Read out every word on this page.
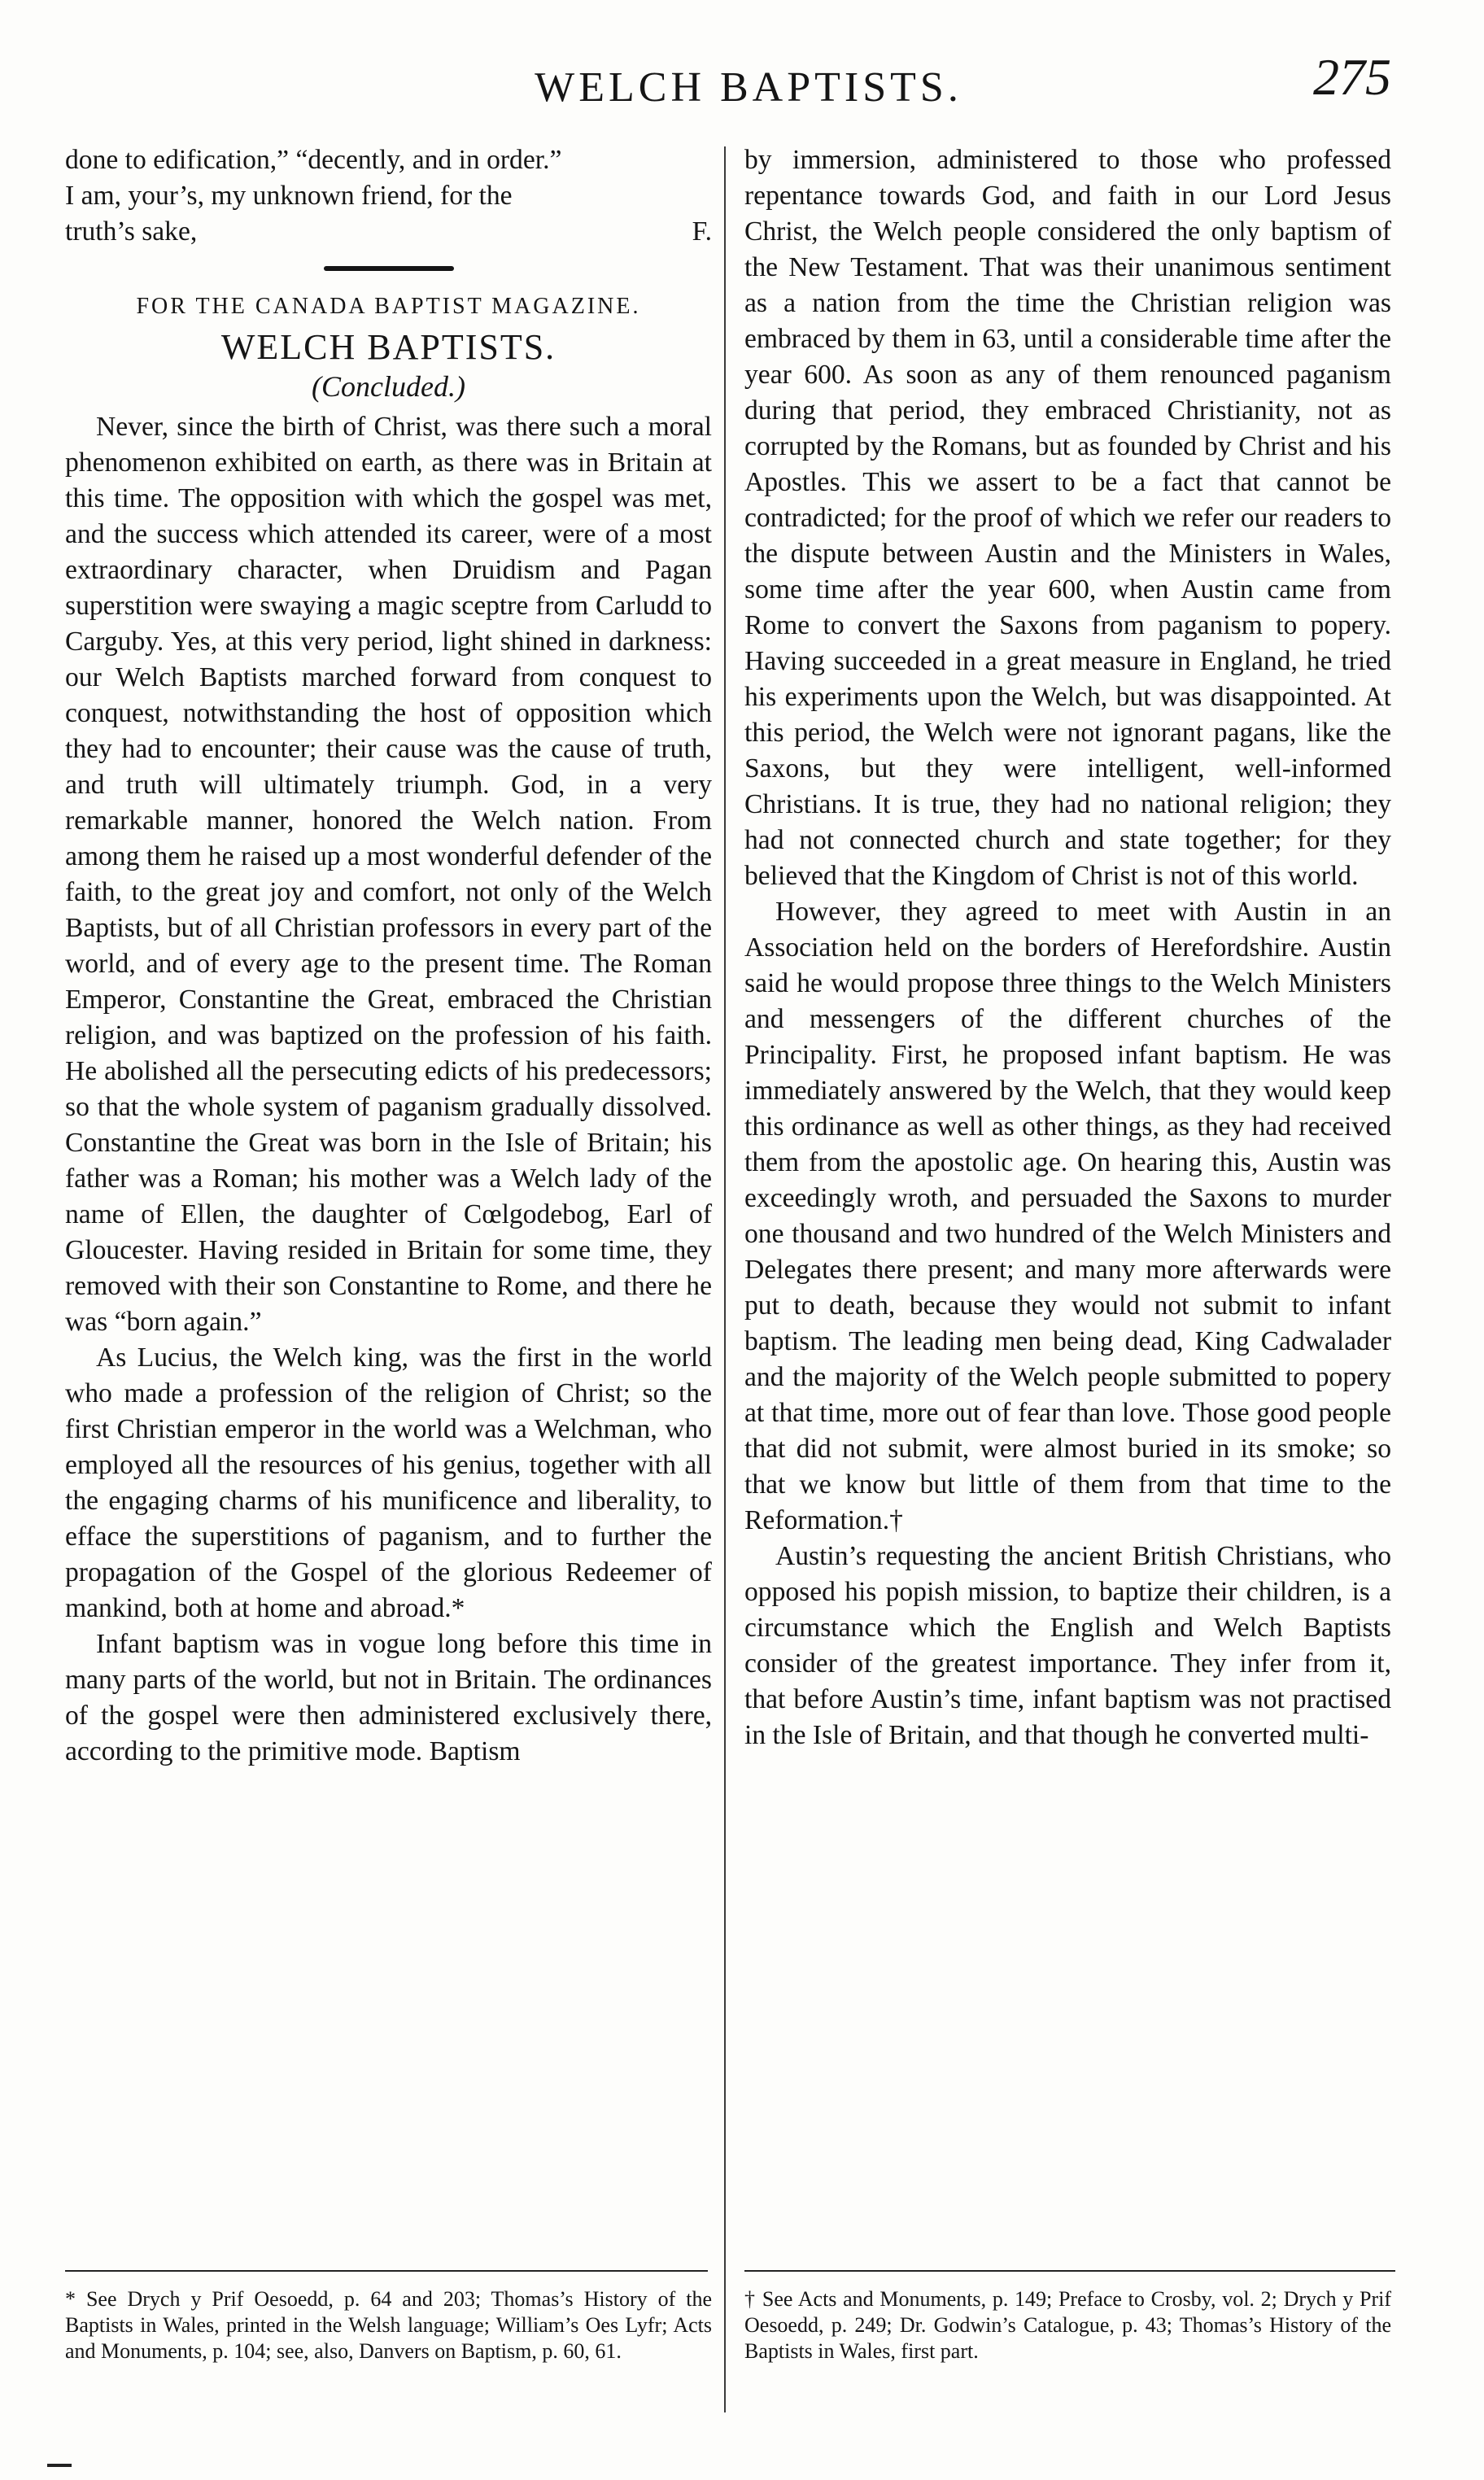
WELCH BAPTISTS.	275

done to edification,” “decently, and in order.”

I am, your’s, my unknown friend, for the

truth’s sake,	F.

FOR THE CANADA BAPTIST MAGAZINE.
WELCH BAPTISTS.
(Concluded.)

Never, since the birth of Christ, was there such a moral phenomenon exhibited on earth, as there was in Britain at this time. The opposition with which the gospel was met, and the success which attended its career, were of a most extraordinary character, when Druidism and Pagan superstition were swaying a magic sceptre from Carludd to Carguby. Yes, at this very period, light shined in darkness: our Welch Baptists marched forward from conquest to conquest, notwithstanding the host of opposition which they had to encounter; their cause was the cause of truth, and truth will ultimately triumph. God, in a very remarkable manner, honored the Welch nation. From among them he raised up a most wonderful defender of the faith, to the great joy and comfort, not only of the Welch Baptists, but of all Christian professors in every part of the world, and of every age to the present time. The Roman Emperor, Constantine the Great, embraced the Christian religion, and was baptized on the profession of his faith. He abolished all the persecuting edicts of his predecessors; so that the whole system of paganism gradually dissolved. Constantine the Great was born in the Isle of Britain; his father was a Roman; his mother was a Welch lady of the name of Ellen, the daughter of Cœlgodebog, Earl of Gloucester. Having resided in Britain for some time, they removed with their son Constantine to Rome, and there he was “born again.”

As Lucius, the Welch king, was the first in the world who made a profession of the religion of Christ; so the first Christian emperor in the world was a Welchman, who employed all the resources of his genius, together with all the engaging charms of his munificence and liberality, to efface the superstitions of paganism, and to further the propagation of the Gospel of the glorious Redeemer of mankind, both at home and abroad.*

Infant baptism was in vogue long before this time in many parts of the world, but not in Britain. The ordinances of the gospel were then administered exclusively there, according to the primitive mode. Baptism

by immersion, administered to those who professed repentance towards God, and faith in our Lord Jesus Christ, the Welch people considered the only baptism of the New Testament. That was their unanimous sentiment as a nation from the time the Christian religion was embraced by them in 63, until a considerable time after the year 600. As soon as any of them renounced paganism during that period, they embraced Christianity, not as corrupted by the Romans, but as founded by Christ and his Apostles. This we assert to be a fact that cannot be contradicted; for the proof of which we refer our readers to the dispute between Austin and the Ministers in Wales, some time after the year 600, when Austin came from Rome to convert the Saxons from paganism to popery. Having succeeded in a great measure in England, he tried his experiments upon the Welch, but was disappointed. At this period, the Welch were not ignorant pagans, like the Saxons, but they were intelligent, well-informed Christians. It is true, they had no national religion; they had not connected church and state together; for they believed that the Kingdom of Christ is not of this world.

However, they agreed to meet with Austin in an Association held on the borders of Herefordshire. Austin said he would propose three things to the Welch Ministers and messengers of the different churches of the Principality. First, he proposed infant baptism. He was immediately answered by the Welch, that they would keep this ordinance as well as other things, as they had received them from the apostolic age. On hearing this, Austin was exceedingly wroth, and persuaded the Saxons to murder one thousand and two hundred of the Welch Ministers and Delegates there present; and many more afterwards were put to death, because they would not submit to infant baptism. The leading men being dead, King Cadwalader and the majority of the Welch people submitted to popery at that time, more out of fear than love. Those good people that did not submit, were almost buried in its smoke; so that we know but little of them from that time to the Reformation.†

Austin’s requesting the ancient British Christians, who opposed his popish mission, to baptize their children, is a circumstance which the English and Welch Baptists consider of the greatest importance. They infer from it, that before Austin’s time, infant baptism was not practised in the Isle of Britain, and that though he converted multi-

* See Drych y Prif Oesoedd, p. 64 and 203; Thomas’s History of the Baptists in Wales, printed in the Welsh language; William’s Oes Lyfr; Acts and Monuments, p. 104; see, also, Danvers on Baptism, p. 60, 61.
† See Acts and Monuments, p. 149; Preface to Crosby, vol. 2; Drych y Prif Oesoedd, p. 249; Dr. Godwin’s Catalogue, p. 43; Thomas’s History of the Baptists in Wales, first part.
